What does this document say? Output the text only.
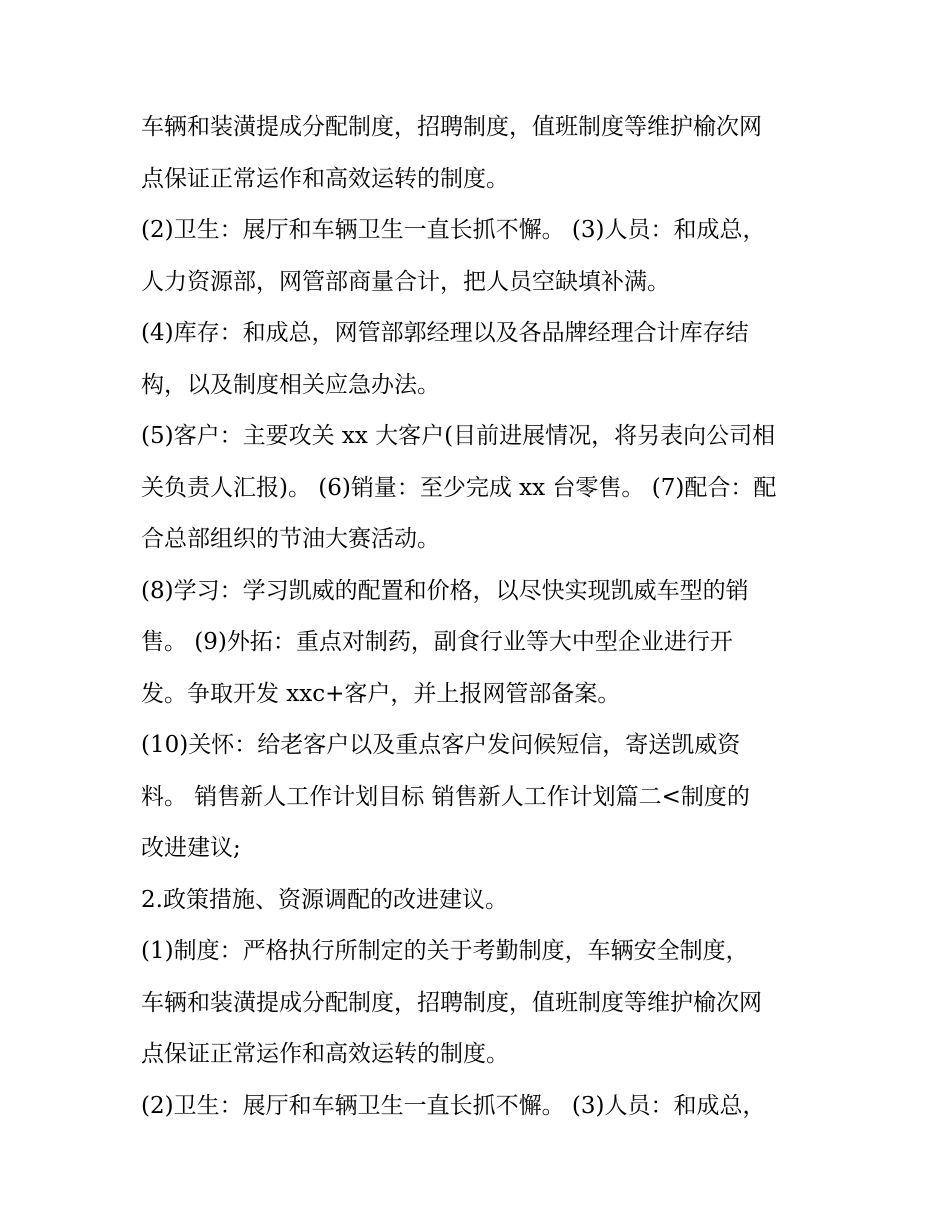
车辆和装潢提成分配制度，招聘制度，值班制度等维护榆次网
点保证正常运作和高效运转的制度。
(2)卫生：展厅和车辆卫生一直长抓不懈。 (3)人员：和成总，
人力资源部，网管部商量合计，把人员空缺填补满。
(4)库存：和成总，网管部郭经理以及各品牌经理合计库存结
构，以及制度相关应急办法。
(5)客户：主要攻关 xx 大客户(目前进展情况，将另表向公司相
关负责人汇报)。 (6)销量：至少完成 xx 台零售。 (7)配合：配
合总部组织的节油大赛活动。
(8)学习：学习凯威的配置和价格，以尽快实现凯威车型的销
售。 (9)外拓：重点对制药，副食行业等大中型企业进行开
发。争取开发 xxc+客户，并上报网管部备案。
(10)关怀：给老客户以及重点客户发问候短信，寄送凯威资
料。 销售新人工作计划目标 销售新人工作计划篇二<制度的
改进建议;
2.政策措施、资源调配的改进建议。
(1)制度：严格执行所制定的关于考勤制度，车辆安全制度，
车辆和装潢提成分配制度，招聘制度，值班制度等维护榆次网
点保证正常运作和高效运转的制度。
(2)卫生：展厅和车辆卫生一直长抓不懈。 (3)人员：和成总，
